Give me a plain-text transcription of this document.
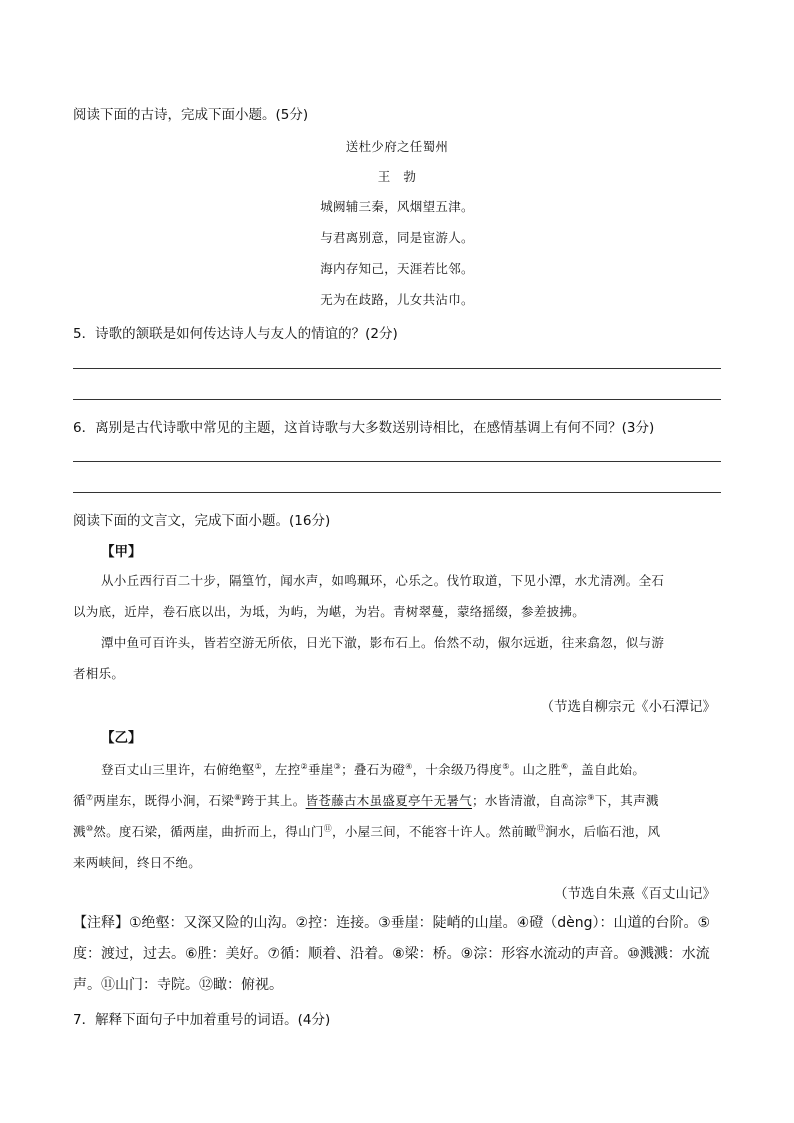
阅读下面的古诗，完成下面小题。(5分)
送杜少府之任蜀州
王　勃
城阙辅三秦，风烟望五津。
与君离别意，同是宦游人。
海内存知己，天涯若比邻。
无为在歧路，儿女共沾巾。
5．诗歌的颔联是如何传达诗人与友人的情谊的？(2分)
6．离别是古代诗歌中常见的主题，这首诗歌与大多数送别诗相比，在感情基调上有何不同？(3分)
阅读下面的文言文，完成下面小题。(16分)
【甲】
从小丘西行百二十步，隔篁竹，闻水声，如鸣珮环，心乐之。伐竹取道，下见小潭，水尤清冽。全石
以为底，近岸，卷石底以出，为坻，为屿，为嵁，为岩。青树翠蔓，蒙络摇缀，参差披拂。
潭中鱼可百许头，皆若空游无所依，日光下澈，影布石上。佁然不动，俶尔远逝，往来翕忽，似与游
者相乐。
（节选自柳宗元《小石潭记》
【乙】
登百丈山三里许，右俯绝壑①，左控②垂崖③；叠石为磴④，十余级乃得度⑤。山之胜⑥，盖自此始。
循⑦两崖东，既得小涧，石梁⑧跨于其上。皆苍藤古木虽盛夏亭午无暑气；水皆清澈，自高淙⑨下，其声溅
溅⑩然。度石梁，循两崖，曲折而上，得山门⑪，小屋三间，不能容十许人。然前瞰⑫涧水，后临石池，风
来两峡间，终日不绝。
（节选自朱熹《百丈山记》
【注释】①绝壑：又深又险的山沟。②控：连接。③垂崖：陡峭的山崖。④磴（dèng）：山道的台阶。⑤
度：渡过，过去。⑥胜：美好。⑦循：顺着、沿着。⑧梁：桥。⑨淙：形容水流动的声音。⑩溅溅：水流
声。⑪山门：寺院。⑫瞰：俯视。
7．解释下面句子中加着重号的词语。(4分)
